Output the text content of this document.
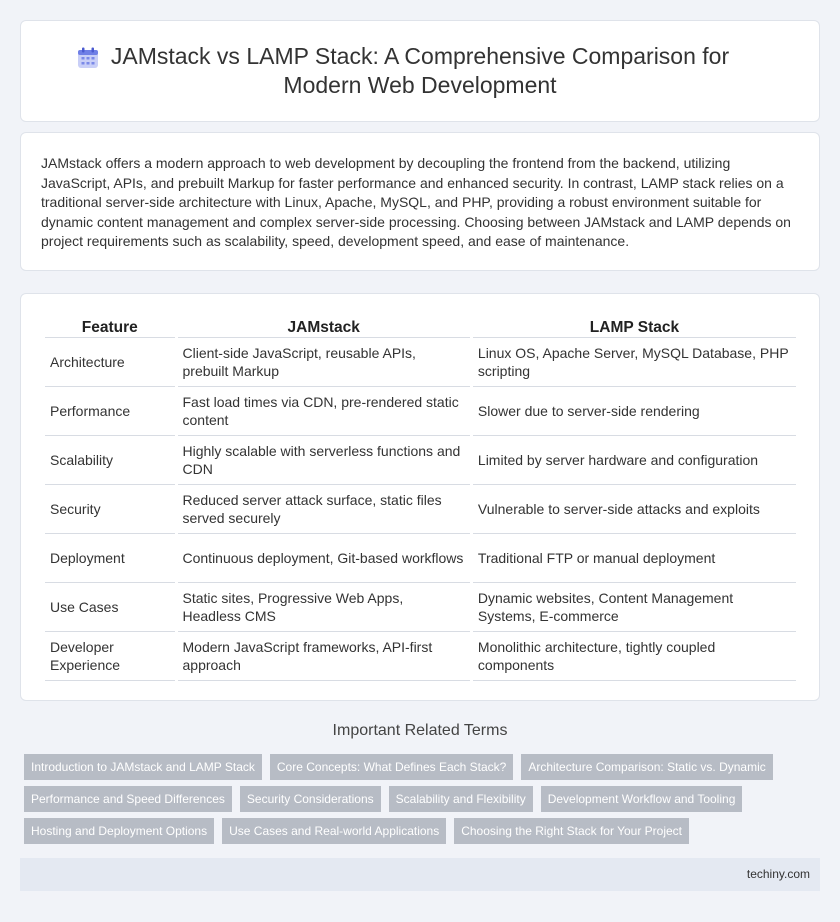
JAMstack vs LAMP Stack: A Comprehensive Comparison for Modern Web Development

JAMstack offers a modern approach to web development by decoupling the frontend from the backend, utilizing JavaScript, APIs, and prebuilt Markup for faster performance and enhanced security. In contrast, LAMP stack relies on a traditional server-side architecture with Linux, Apache, MySQL, and PHP, providing a robust environment suitable for dynamic content management and complex server-side processing. Choosing between JAMstack and LAMP depends on project requirements such as scalability, speed, development speed, and ease of maintenance.

Feature	JAMstack	LAMP Stack
Architecture	Client-side JavaScript, reusable APIs, prebuilt Markup	Linux OS, Apache Server, MySQL Database, PHP scripting
Performance	Fast load times via CDN, pre-rendered static content	Slower due to server-side rendering
Scalability	Highly scalable with serverless functions and CDN	Limited by server hardware and configuration
Security	Reduced server attack surface, static files served securely	Vulnerable to server-side attacks and exploits
Deployment	Continuous deployment, Git-based workflows	Traditional FTP or manual deployment
Use Cases	Static sites, Progressive Web Apps, Headless CMS	Dynamic websites, Content Management Systems, E-commerce
Developer Experience	Modern JavaScript frameworks, API-first approach	Monolithic architecture, tightly coupled components
Important Related Terms
Introduction to JAMstack and LAMP Stack	Core Concepts: What Defines Each Stack?	Architecture Comparison: Static vs. Dynamic
Performance and Speed Differences	Security Considerations	Scalability and Flexibility	Development Workflow and Tooling
Hosting and Deployment Options	Use Cases and Real-world Applications	Choosing the Right Stack for Your Project
techiny.com
